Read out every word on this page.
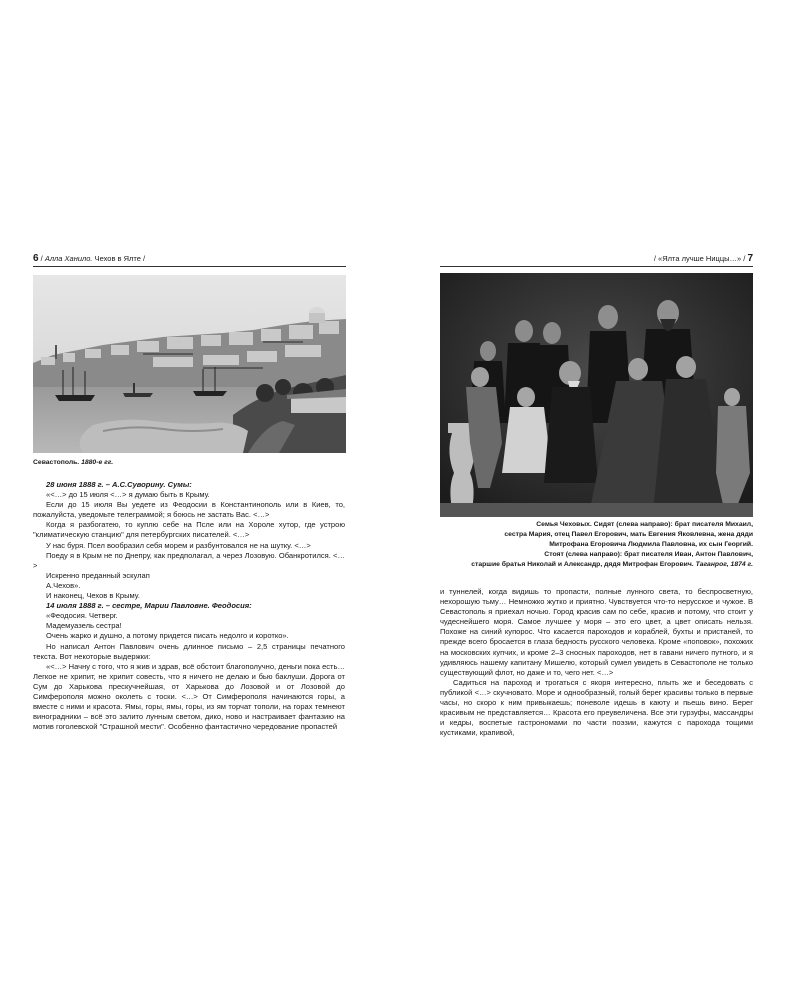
6 / Алла Ханило. Чехов в Ялте /
Севастополь. 1880-е гг.

28 июня 1888 г. – А.С.Суворину. Сумы:

«<…> до 15 июля <…> я думаю быть в Крыму.

Если до 15 июля Вы уедете из Феодосии в Константинополь или в Киев, то, пожалуйста, уведомьте телеграммой; я боюсь не застать Вас. <…>

Когда я разбогатею, то куплю себе на Псле или на Хороле хутор, где устрою "климатическую станцию" для петербургских писателей. <…>

У нас буря. Псел вообразил себя морем и разбунтовался не на шутку. <…>

Поеду я в Крым не по Днепру, как предполагал, а через Лозовую. Обанкротился. <…>

Искренно преданный эскулап

А.Чехов».

И наконец, Чехов в Крыму.

14 июля 1888 г. – сестре, Марии Павловне. Феодосия:

«Феодосия. Четверг.

Мадемуазель сестра!

Очень жарко и душно, а потому придется писать недолго и коротко».

Но написал Антон Павлович очень длинное письмо – 2,5 страницы печатного текста. Вот некоторые выдержки:

«<…> Начну с того, что я жив и здрав, всё обстоит благополучно, деньги пока есть… Легкое не хрипит, не хрипит совесть, что я ничего не делаю и бью баклуши. Дорога от Сум до Харькова прескучнейшая, от Харькова до Лозовой и от Лозовой до Симферополя можно околеть с тоски. <…> От Симферополя начинаются горы, а вместе с ними и красота. Ямы, горы, ямы, горы, из ям торчат тополи, на горах темнеют виноградники – всё это залито лунным светом, дико, ново и настраивает фантазию на мотив гоголевской "Страшной мести". Особенно фантастично чередование пропастей

/ «Ялта лучше Ниццы…» / 7
Семья Чеховых. Сидят (слева направо): брат писателя Михаил,
сестра Мария, отец Павел Егорович, мать Евгения Яковлевна, жена дяди
Митрофана Егоровича Людмила Павловна, их сын Георгий.
Стоят (слева направо): брат писателя Иван, Антон Павлович,
старшие братья Николай и Александр, дядя Митрофан Егорович. Таганрог, 1874 г.

и туннелей, когда видишь то пропасти, полные лунного света, то беспросветную, нехорошую тьму… Немножко жутко и приятно. Чувствуется что-то нерусское и чужое. В Севастополь я приехал ночью. Город красив сам по себе, красив и потому, что стоит у чудеснейшего моря. Самое лучшее у моря – это его цвет, а цвет описать нельзя. Похоже на синий купорос. Что касается пароходов и кораблей, бухты и пристаней, то прежде всего бросается в глаза бедность русского человека. Кроме «поповок», похожих на московских купчих, и кроме 2–3 сносных пароходов, нет в гавани ничего путного, и я удивляюсь нашему капитану Мишелю, который сумел увидеть в Севастополе не только существующий флот, но даже и то, чего нет. <…>

Садиться на пароход и трогаться с якоря интересно, плыть же и беседовать с публикой <…> скучновато. Море и однообразный, голый берег красивы только в первые часы, но скоро к ним привыкаешь; поневоле идешь в каюту и пьешь вино. Берег красивым не представляется… Красота его преувеличена. Все эти гурзуфы, массандры и кедры, воспетые гастрономами по части поэзии, кажутся с парохода тощими кустиками, крапивой,
